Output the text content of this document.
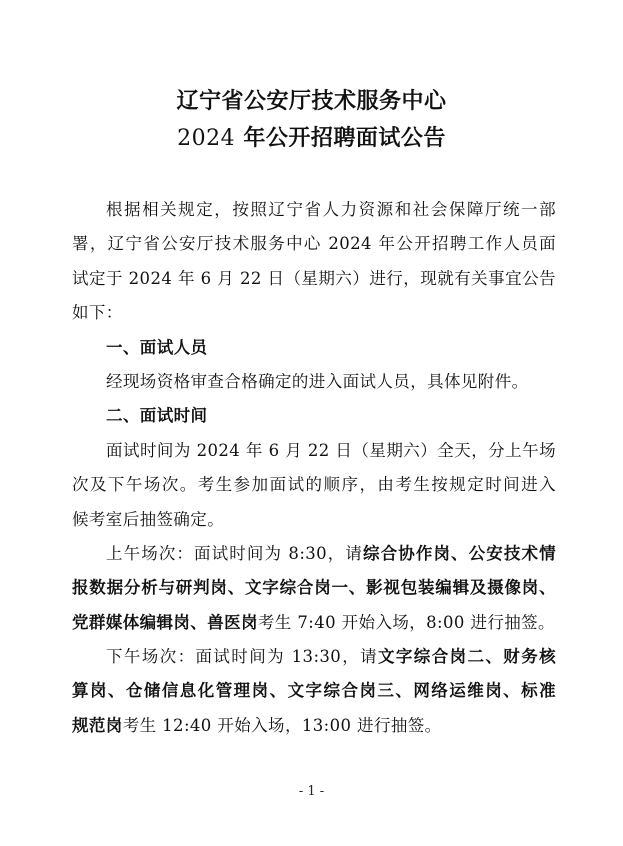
辽宁省公安厅技术服务中心
2024 年公开招聘面试公告
根据相关规定，按照辽宁省人力资源和社会保障厅统一部
署，辽宁省公安厅技术服务中心 2024 年公开招聘工作人员面
试定于 2024 年 6 月 22 日（星期六）进行，现就有关事宜公告
如下：
一、面试人员
经现场资格审查合格确定的进入面试人员，具体见附件。
二、面试时间
面试时间为 2024 年 6 月 22 日（星期六）全天，分上午场
次及下午场次。考生参加面试的顺序，由考生按规定时间进入
候考室后抽签确定。
上午场次：面试时间为 8:30，请综合协作岗、公安技术情
报数据分析与研判岗、文字综合岗一、影视包装编辑及摄像岗、
党群媒体编辑岗、兽医岗考生 7:40 开始入场，8:00 进行抽签。
下午场次：面试时间为 13:30，请文字综合岗二、财务核
算岗、仓储信息化管理岗、文字综合岗三、网络运维岗、标准
规范岗考生 12:40 开始入场，13:00 进行抽签。
- 1 -
